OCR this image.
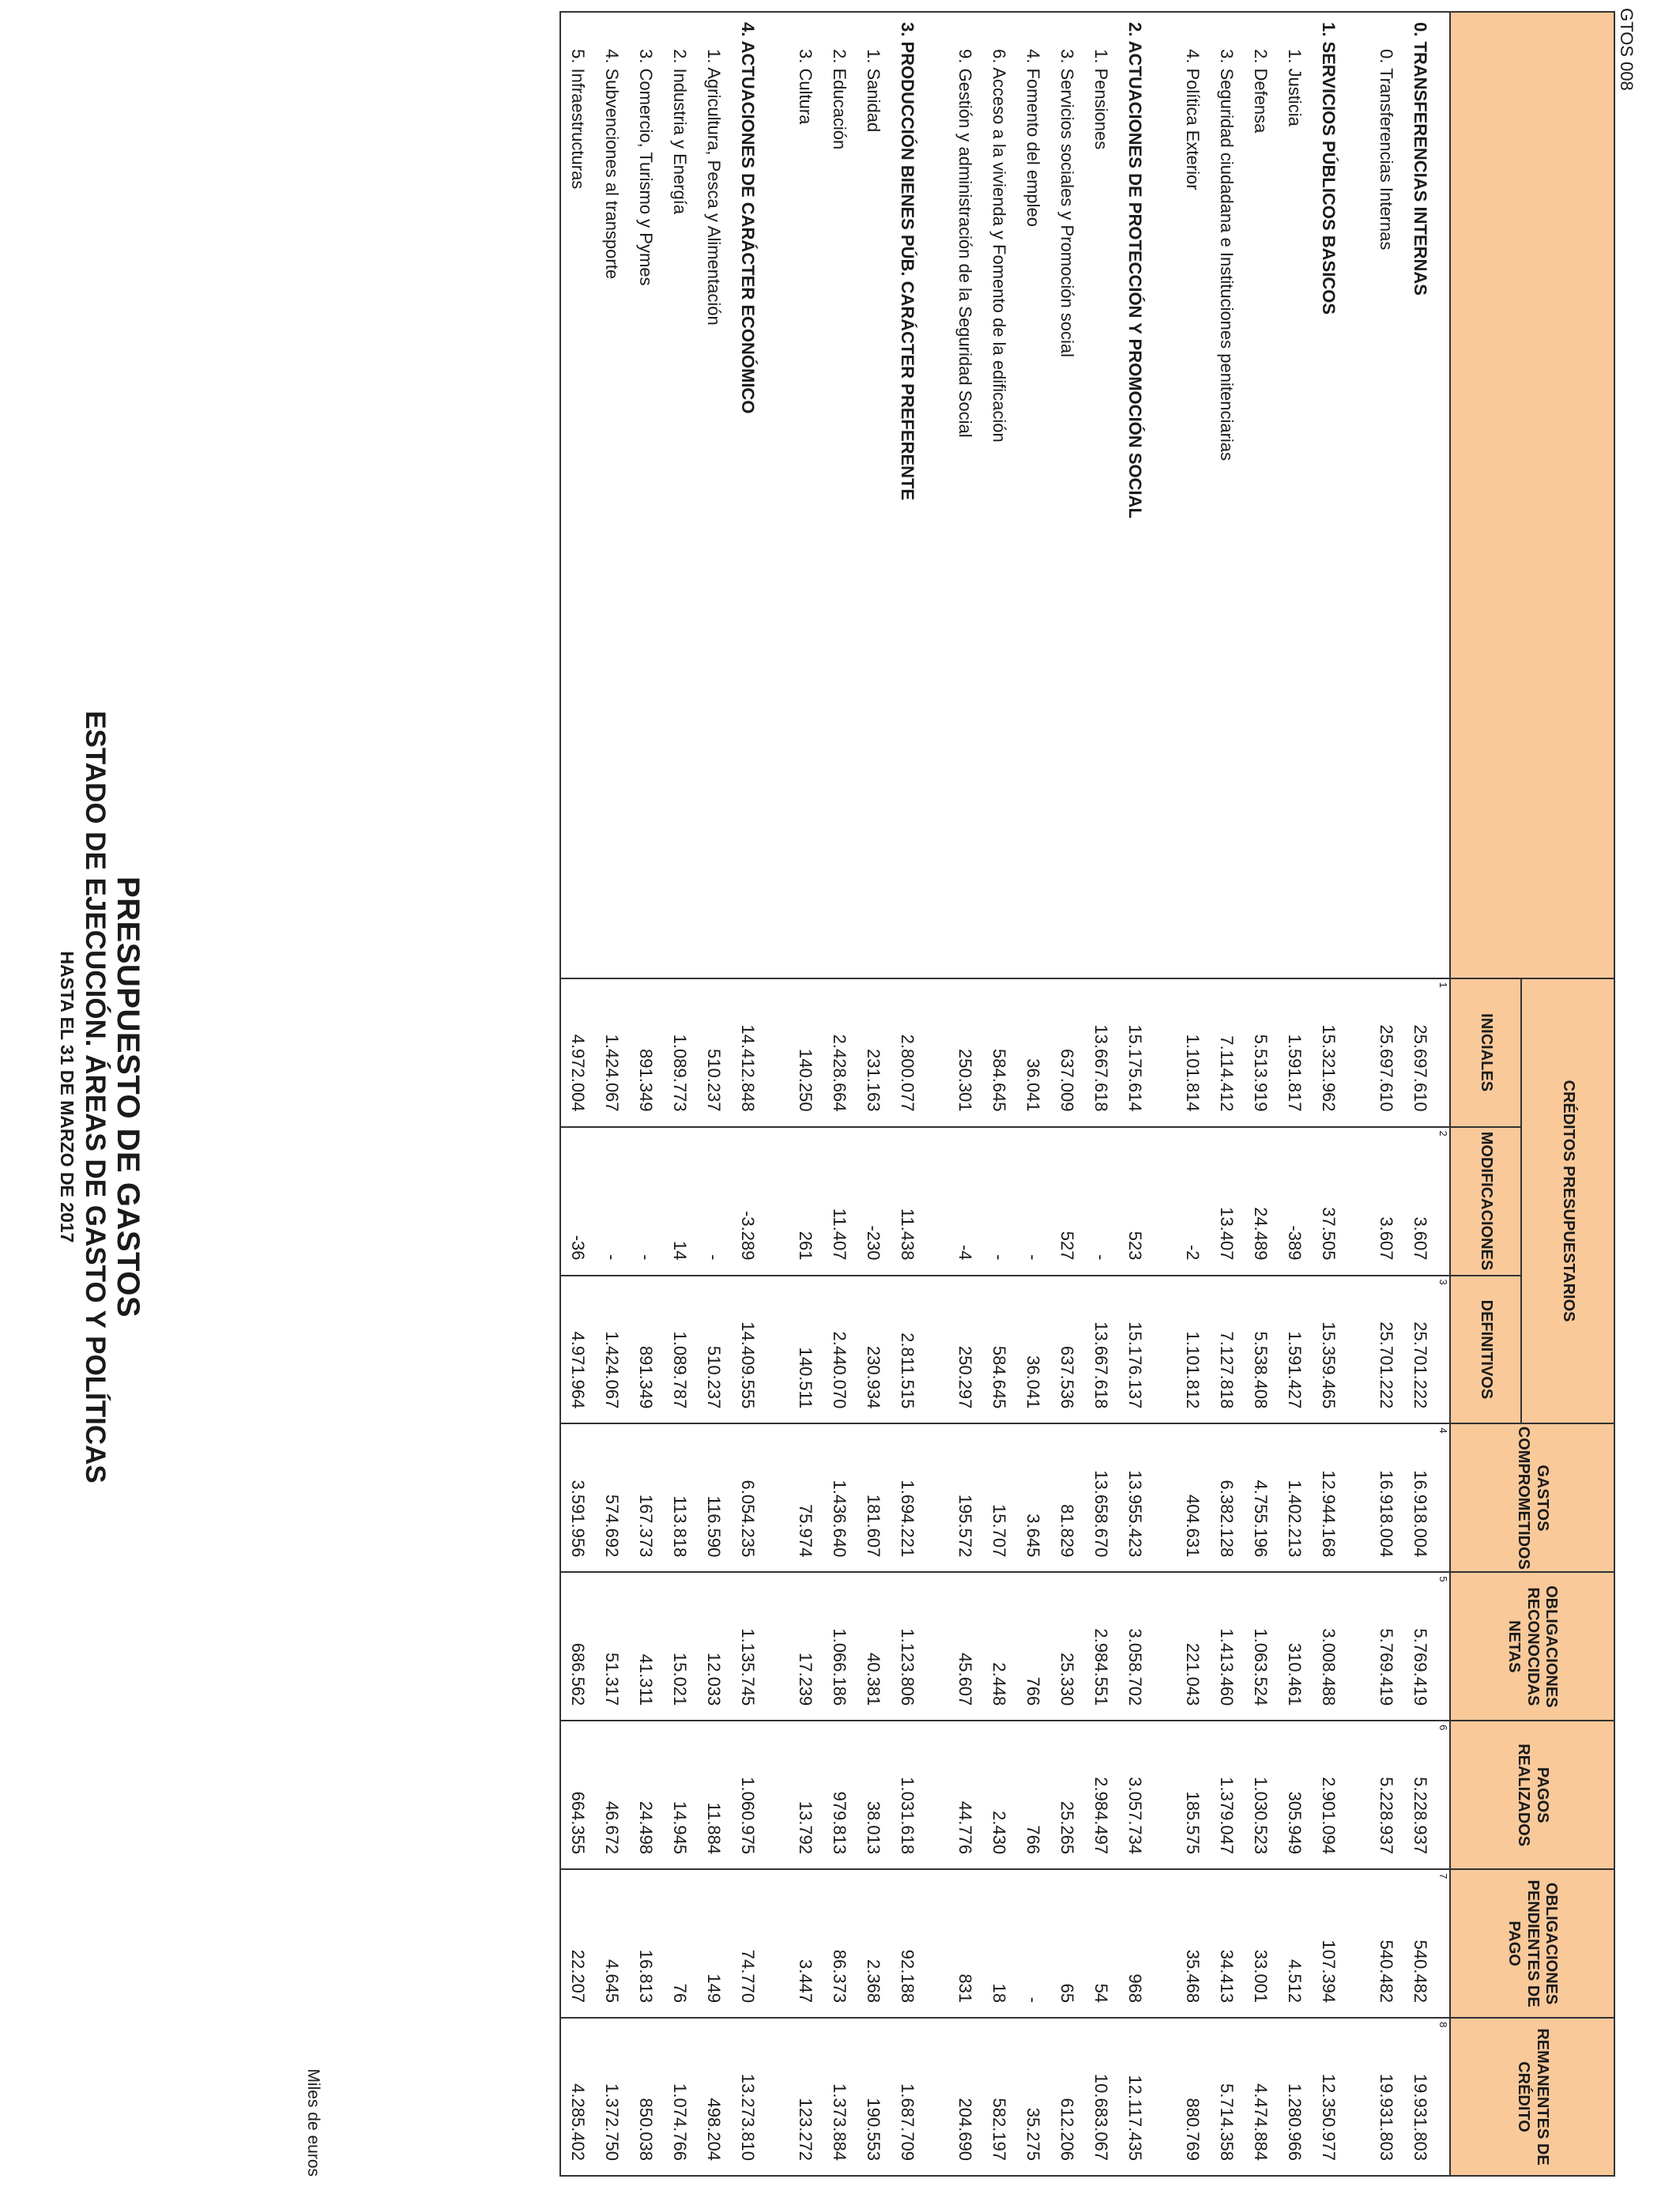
GTOS 008
	CRÉDITOS PRESUPUESTARIOS			GASTOS COMPROMETIDOS	OBLIGACIONES RECONOCIDAS NETAS	PAGOS REALIZADOS	OBLIGACIONES PENDIENTES DE PAGO	REMANENTES DE CRÉDITO
	INICIALES	MODIFICACIONES	DEFINITIVOS					
	1	2	3	4	5	6	7	8
0. TRANSFERENCIAS INTERNAS	25.697.610	3.607	25.701.222	16.918.004	5.769.419	5.228.937	540.482	19.931.803
0. Transferencias Internas	25.697.610	3.607	25.701.222	16.918.004	5.769.419	5.228.937	540.482	19.931.803

1. SERVICIOS PÚBLICOS BASICOS	15.321.962	37.505	15.359.465	12.944.168	3.008.488	2.901.094	107.394	12.350.977
1. Justicia	1.591.817	-389	1.591.427	1.402.213	310.461	305.949	4.512	1.280.966
2. Defensa	5.513.919	24.489	5.538.408	4.755.196	1.063.524	1.030.523	33.001	4.474.884
3. Seguridad ciudadana e Instituciones penitenciarias	7.114.412	13.407	7.127.818	6.382.128	1.413.460	1.379.047	34.413	5.714.358
4. Política Exterior	1.101.814	-2	1.101.812	404.631	221.043	185.575	35.468	880.769

2. ACTUACIONES DE PROTECCIÓN Y PROMOCIÓN SOCIAL	15.175.614	523	15.176.137	13.955.423	3.058.702	3.057.734	968	12.117.435
1. Pensiones	13.667.618	-	13.667.618	13.658.670	2.984.551	2.984.497	54	10.683.067
3. Servicios sociales y Promoción social	637.009	527	637.536	81.829	25.330	25.265	65	612.206
4. Fomento del empleo	36.041	-	36.041	3.645	766	766	-	35.275
6. Acceso a la vivienda y Fomento de la edificación	584.645	-	584.645	15.707	2.448	2.430	18	582.197
9. Gestión y administración de la Seguridad Social	250.301	-4	250.297	195.572	45.607	44.776	831	204.690

3. PRODUCCIÓN BIENES PÚB. CARÁCTER PREFERENTE	2.800.077	11.438	2.811.515	1.694.221	1.123.806	1.031.618	92.188	1.687.709
1. Sanidad	231.163	-230	230.934	181.607	40.381	38.013	2.368	190.553
2. Educación	2.428.664	11.407	2.440.070	1.436.640	1.066.186	979.813	86.373	1.373.884
3. Cultura	140.250	261	140.511	75.974	17.239	13.792	3.447	123.272

4. ACTUACIONES DE CARÁCTER ECONÓMICO	14.412.848	-3.289	14.409.555	6.054.235	1.135.745	1.060.975	74.770	13.273.810
1. Agricultura, Pesca y Alimentación	510.237	-	510.237	116.590	12.033	11.884	149	498.204
2. Industria y Energía	1.089.773	14	1.089.787	113.818	15.021	14.945	76	1.074.766
3. Comercio, Turismo y Pymes	891.349	-	891.349	167.373	41.311	24.498	16.813	850.038
4. Subvenciones al transporte	1.424.067	-	1.424.067	574.692	51.317	46.672	4.645	1.372.750
5. Infraestructuras	4.972.004	-36	4.971.964	3.591.956	686.562	664.355	22.207	4.285.402
Miles de euros
PRESUPUESTO DE GASTOS
ESTADO DE EJECUCIÓN. ÁREAS DE GASTO Y POLÍTICAS
HASTA EL 31 DE MARZO DE 2017
